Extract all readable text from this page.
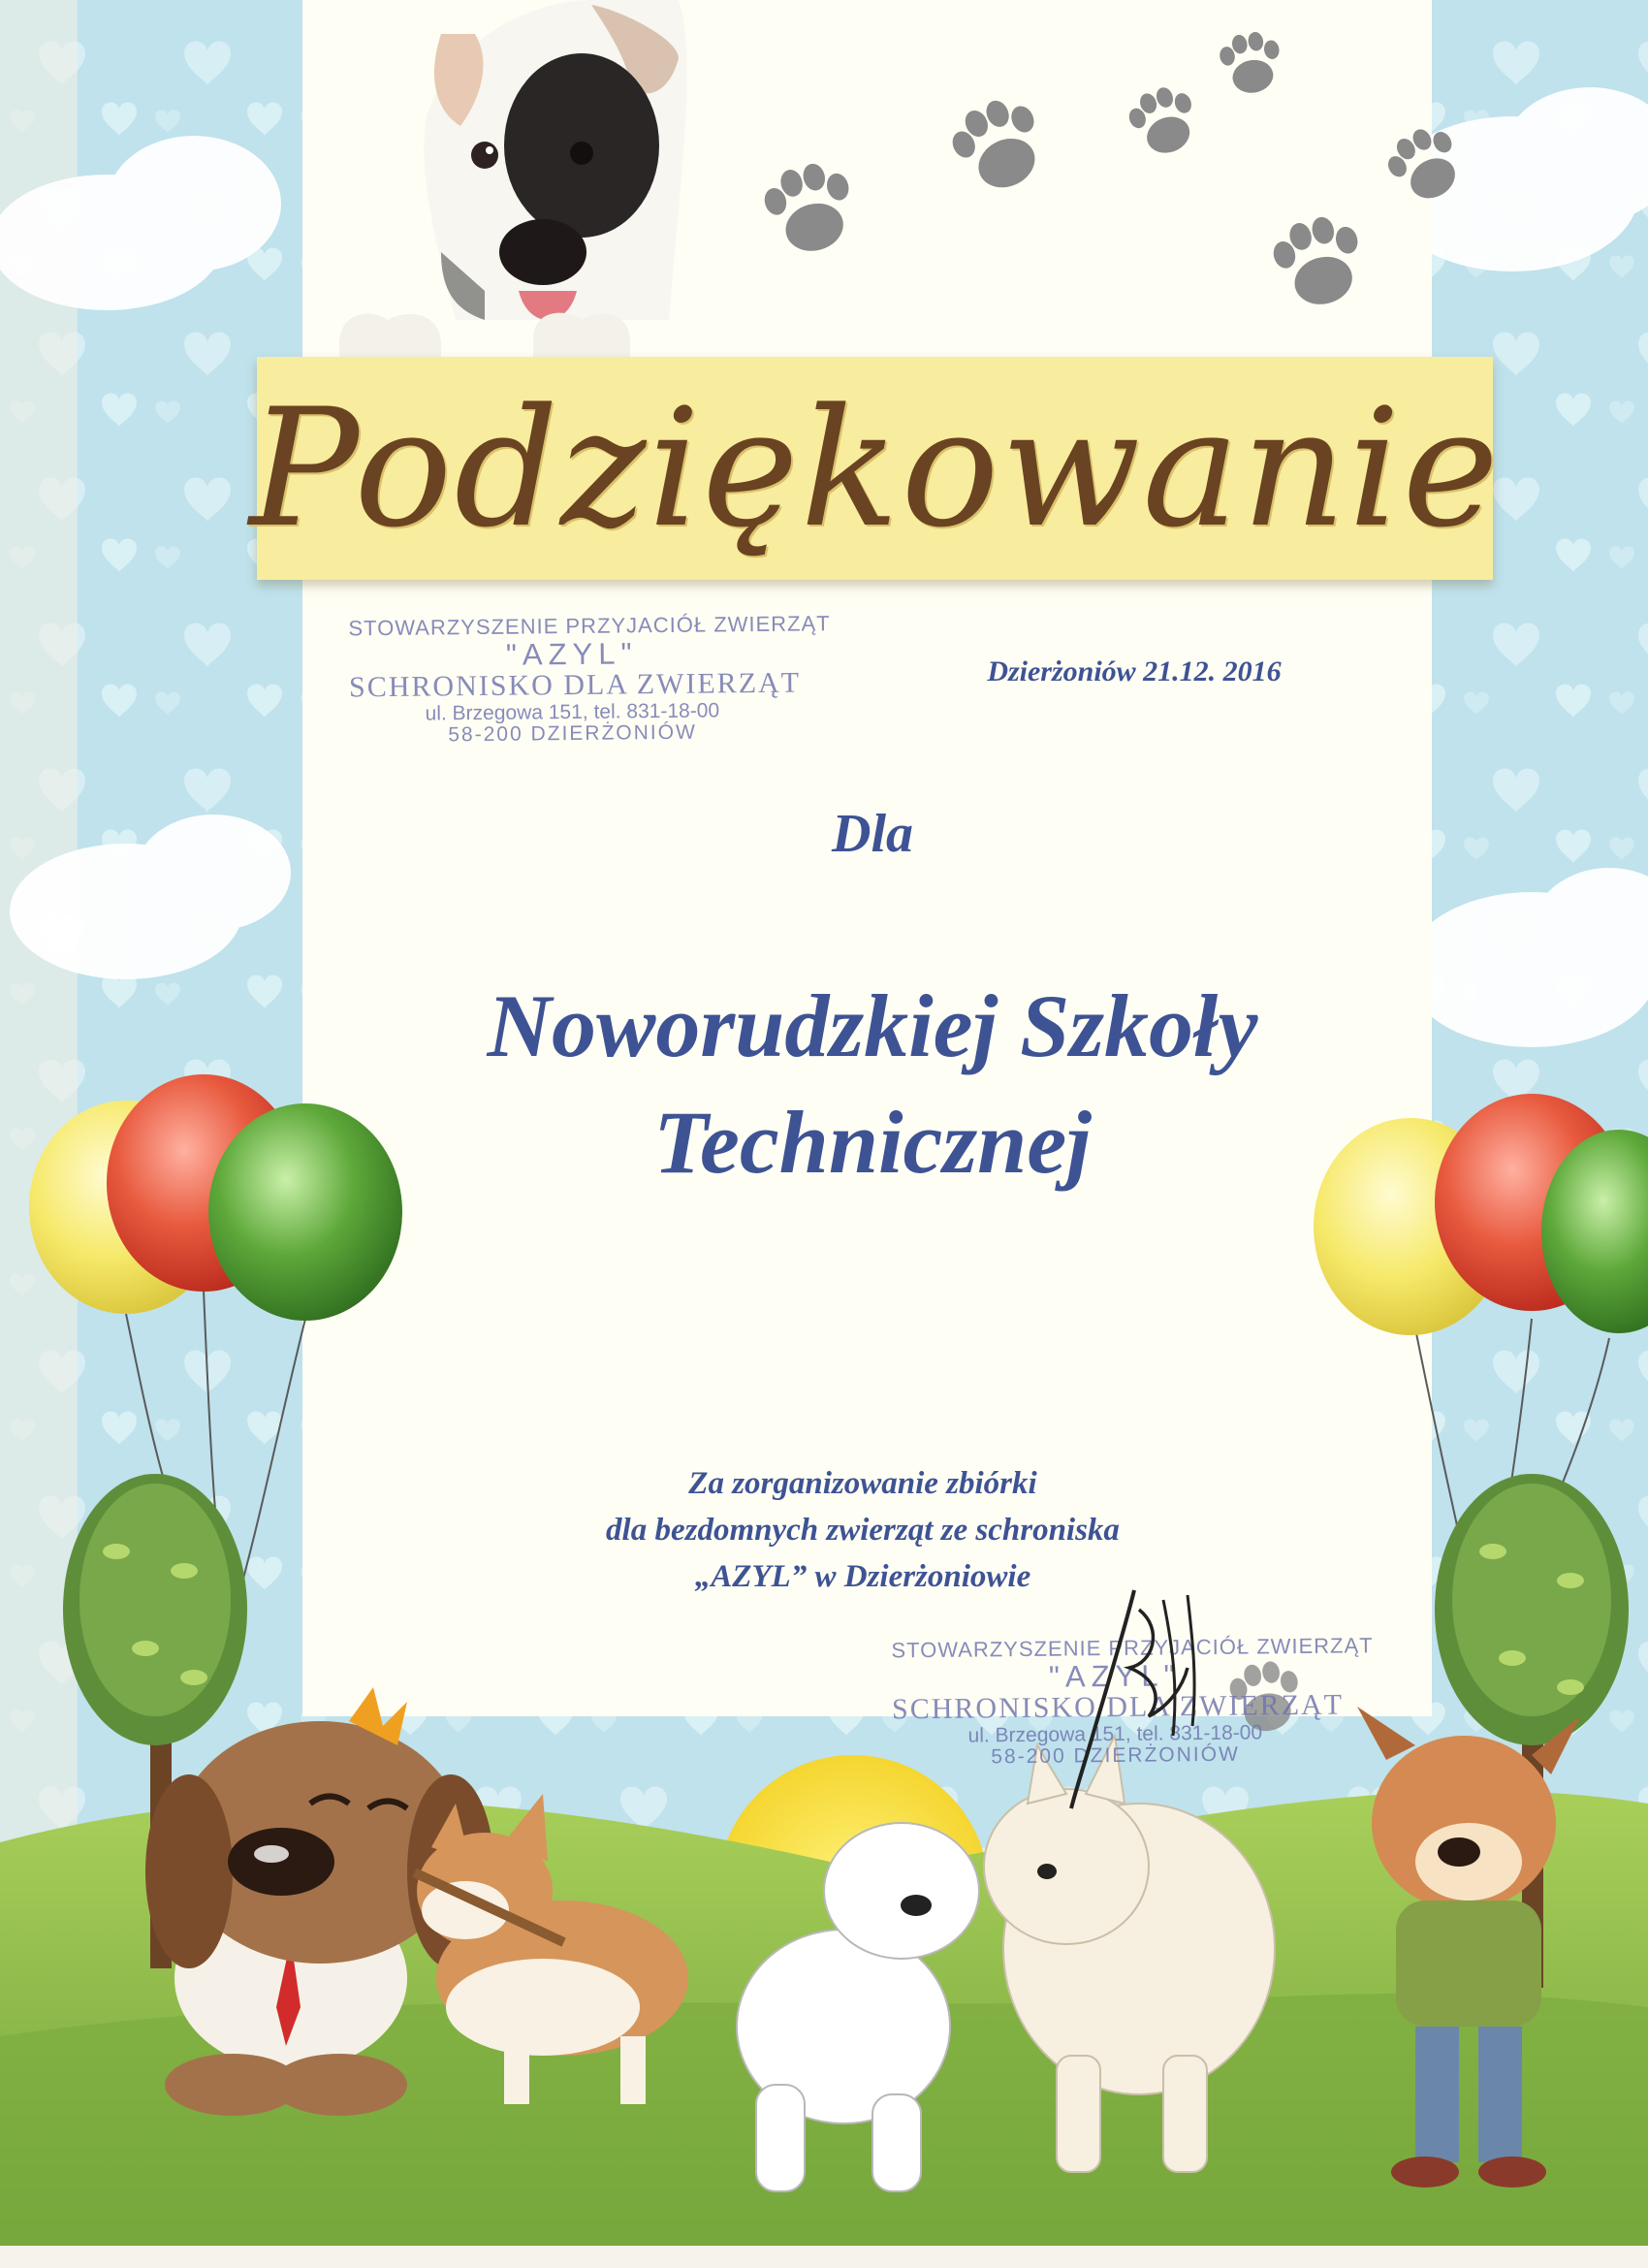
Podziękowanie
STOWARZYSZENIE PRZYJACIÓŁ ZWIERZĄT
"AZYL"
SCHRONISKO DLA ZWIERZĄT
ul. Brzegowa 151, tel. 831-18-00
58-200 DZIERŻONIÓW
Dzierżoniów 21.12. 2016
Dla
Noworudzkiej Szkoły
Technicznej
Za zorganizowanie zbiórki
dla bezdomnych zwierząt ze schroniska
„AZYL” w Dzierżoniowie
STOWARZYSZENIE PRZYJACIÓŁ ZWIERZĄT
"AZYL"
SCHRONISKO DLA ZWIERZĄT
ul. Brzegowa 151, tel. 831-18-00
58-200 DZIERŻONIÓW
